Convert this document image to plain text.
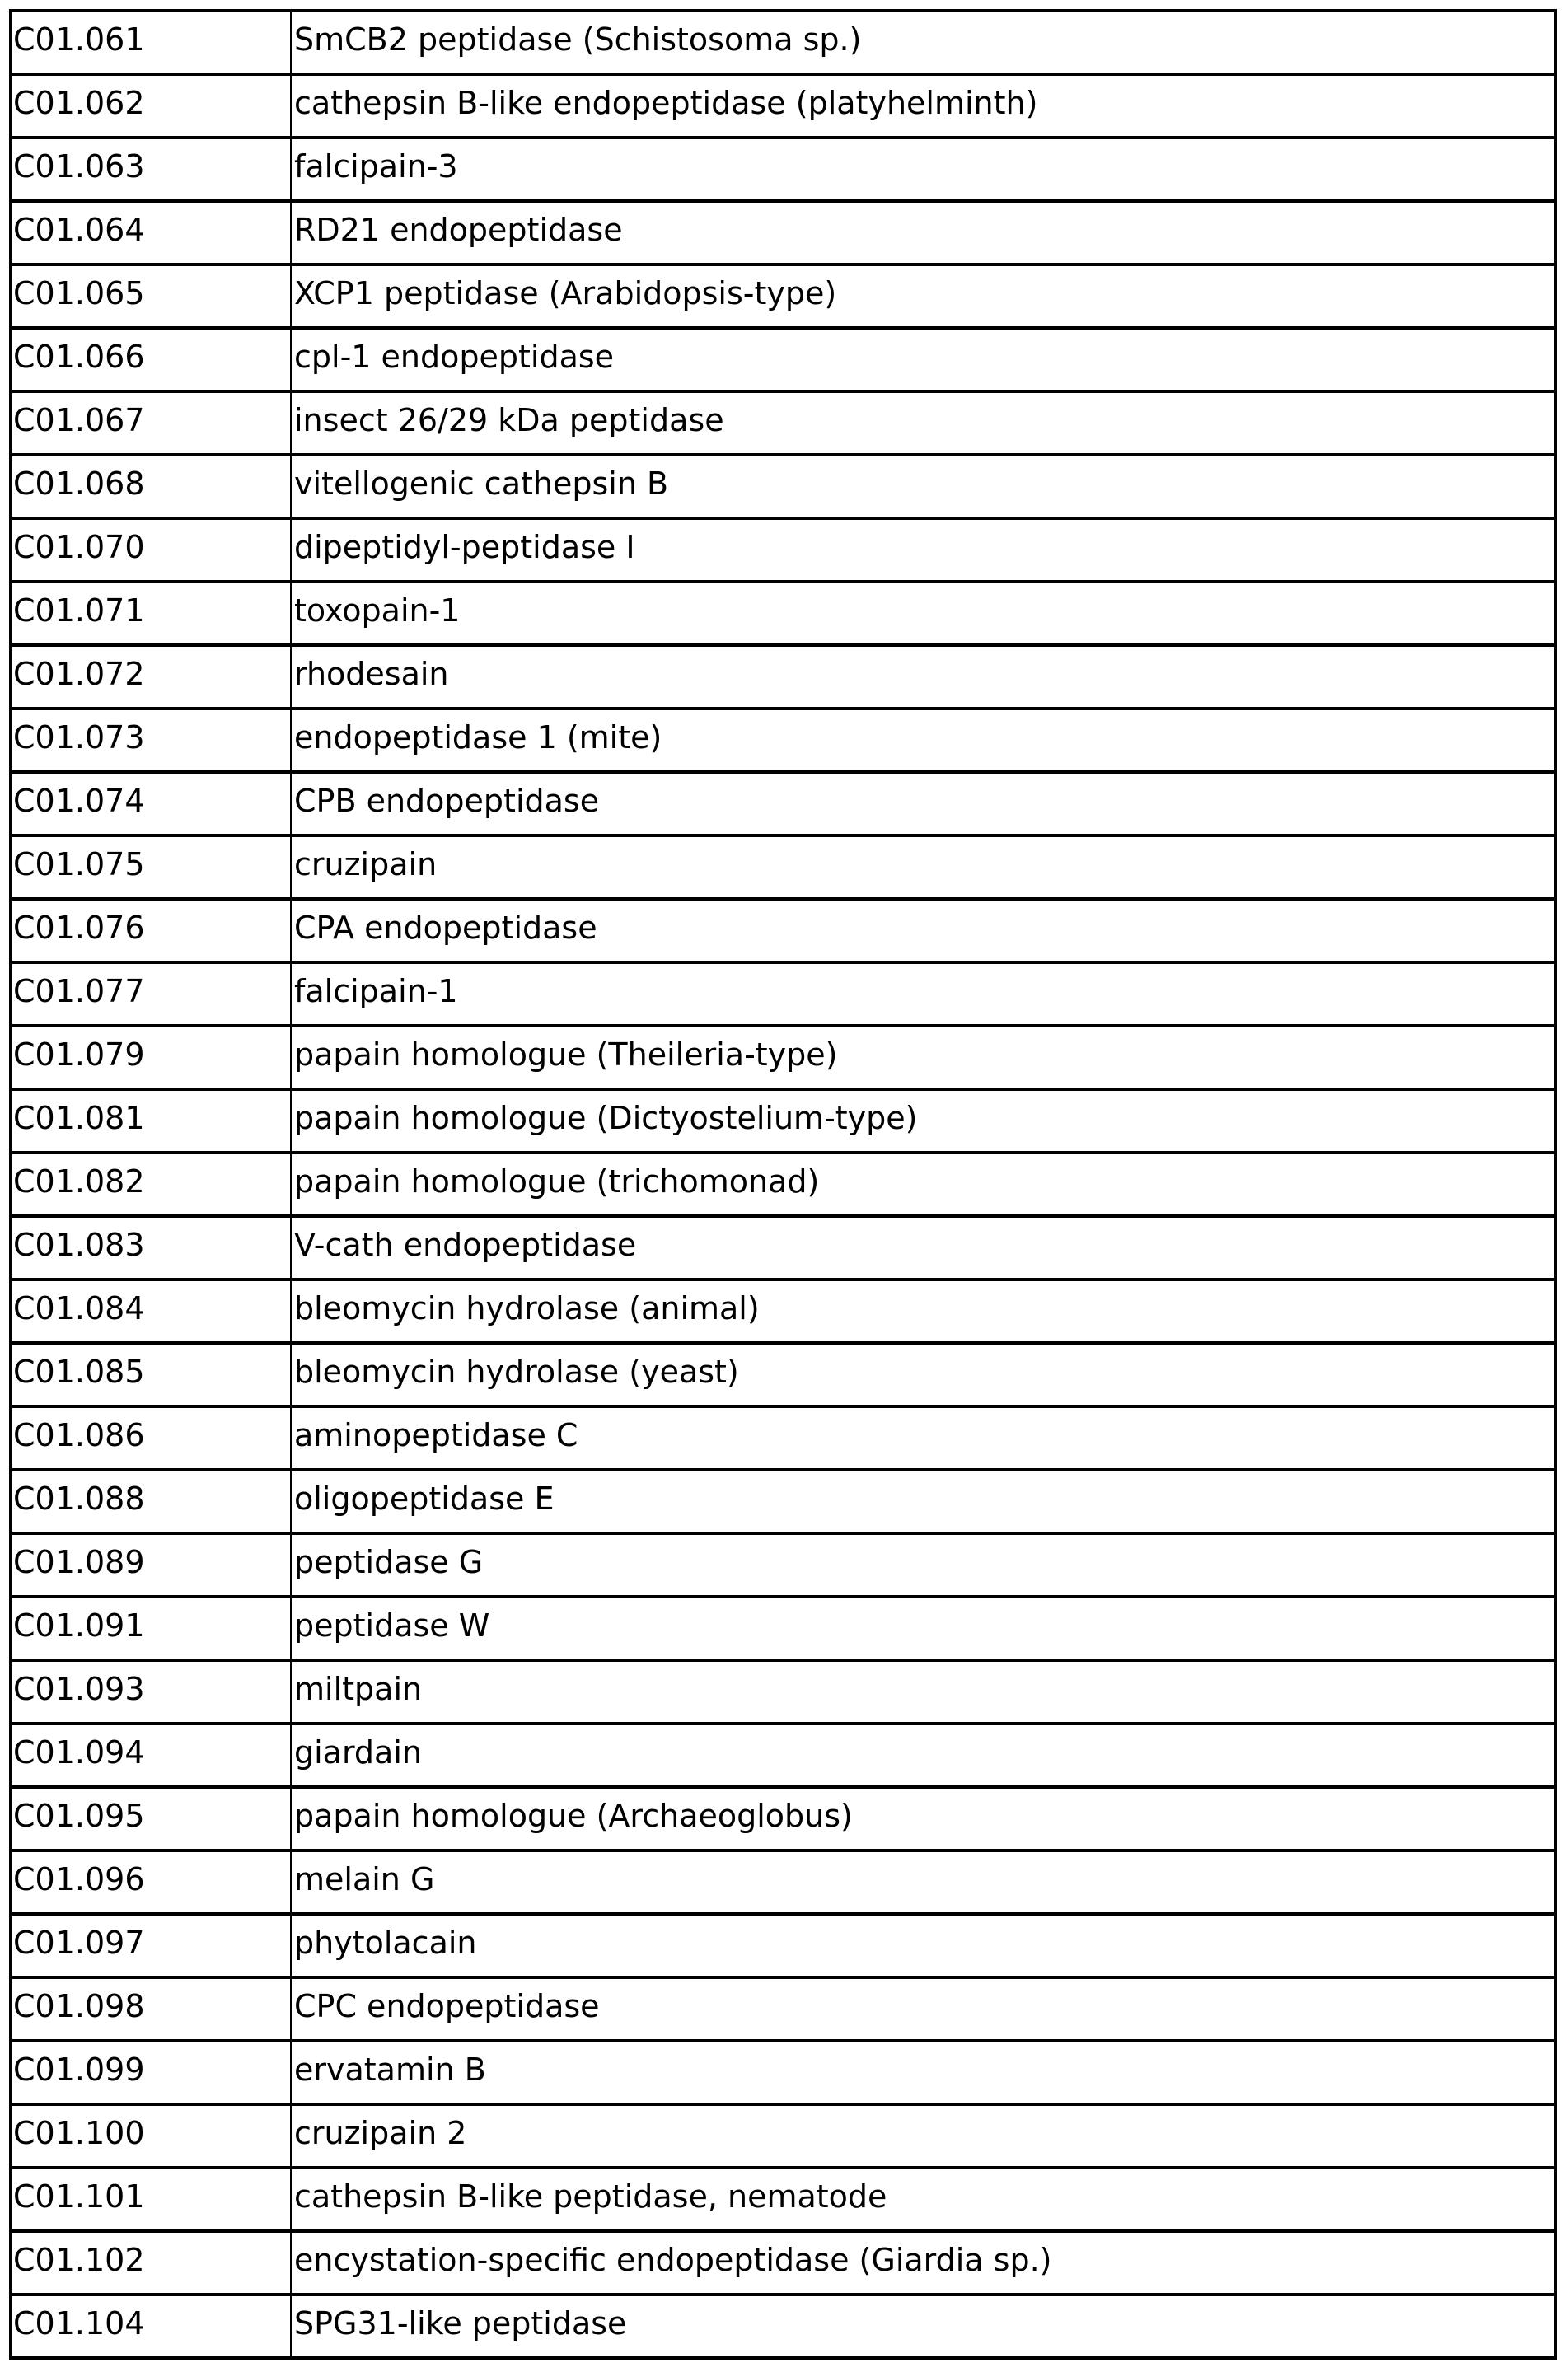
C01.061	SmCB2 peptidase (Schistosoma sp.)

C01.062	cathepsin B-like endopeptidase (platyhelminth)

C01.063	falcipain-3

C01.064	RD21 endopeptidase

C01.065	XCP1 peptidase (Arabidopsis-type)

C01.066	cpl-1 endopeptidase

C01.067	insect 26/29 kDa peptidase

C01.068	vitellogenic cathepsin B

C01.070	dipeptidyl-peptidase I

C01.071	toxopain-1

C01.072	rhodesain

C01.073	endopeptidase 1 (mite)

C01.074	CPB endopeptidase

C01.075	cruzipain

C01.076	CPA endopeptidase

C01.077	falcipain-1

C01.079	papain homologue (Theileria-type)

C01.081	papain homologue (Dictyostelium-type)

C01.082	papain homologue (trichomonad)

C01.083	V-cath endopeptidase

C01.084	bleomycin hydrolase (animal)

C01.085	bleomycin hydrolase (yeast)

C01.086	aminopeptidase C

C01.088	oligopeptidase E

C01.089	peptidase G

C01.091	peptidase W

C01.093	miltpain

C01.094	giardain

C01.095	papain homologue (Archaeoglobus)

C01.096	melain G

C01.097	phytolacain

C01.098	CPC endopeptidase

C01.099	ervatamin B

C01.100	cruzipain 2

C01.101	cathepsin B-like peptidase, nematode

C01.102	encystation-specific endopeptidase (Giardia sp.)

C01.104	SPG31-like peptidase
